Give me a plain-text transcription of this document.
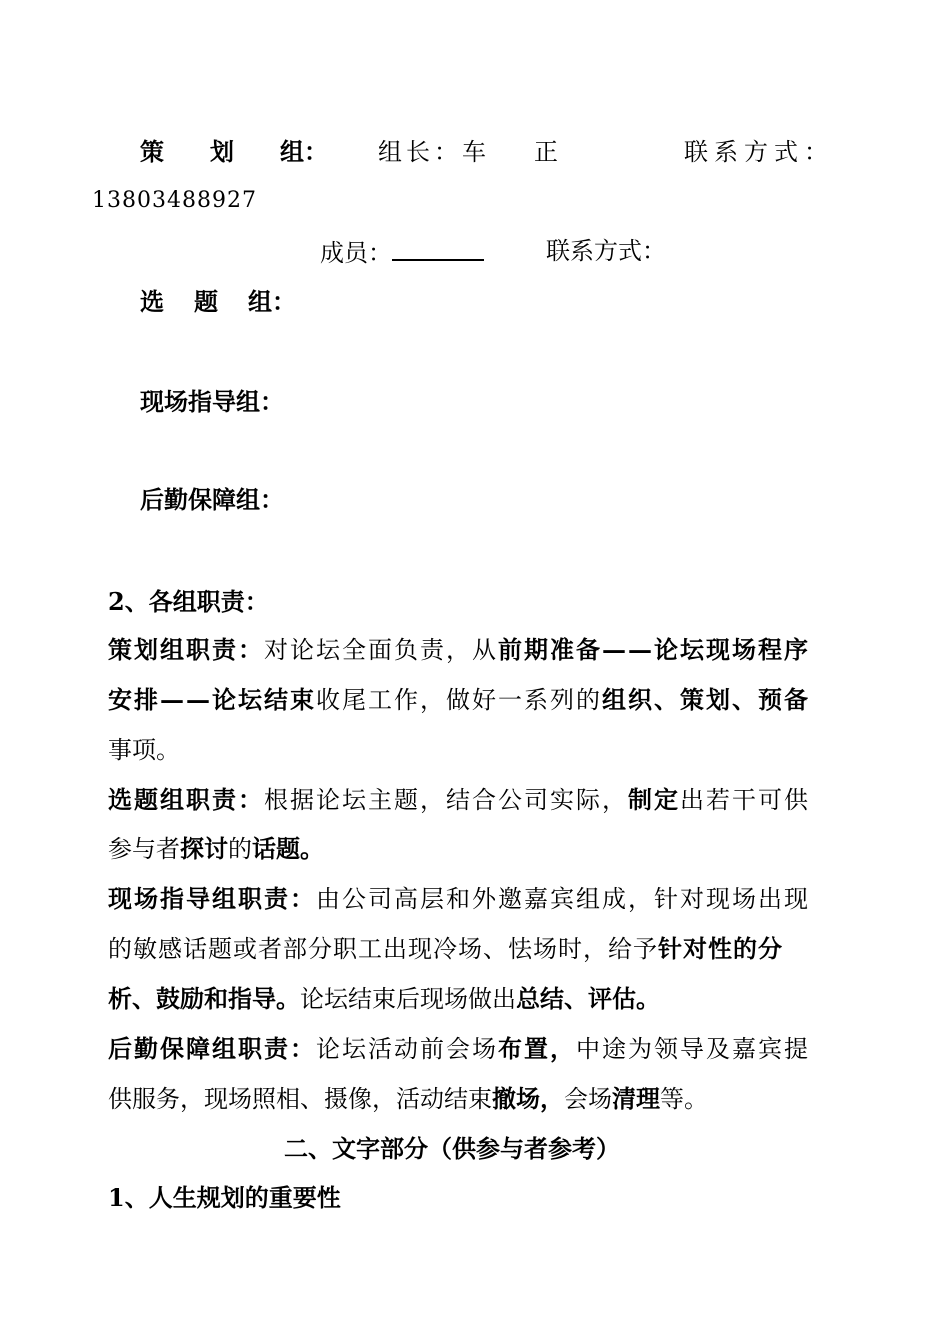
策 划 组： 组长：车 正	联系方式：
13803488927
成员：	联系方式：
选 题 组：
现场指导组：
后勤保障组：
2、各组职责：
策划组职责：对论坛全面负责，从前期准备——论坛现场程序
安排——论坛结束收尾工作，做好一系列的组织、策划、预备
事项。
选题组职责：根据论坛主题，结合公司实际，制定出若干可供
参与者探讨的话题。
现场指导组职责：由公司高层和外邀嘉宾组成，针对现场出现
的敏感话题或者部分职工出现冷场、怯场时，给予针对性的分
析、鼓励和指导。论坛结束后现场做出总结、评估。
后勤保障组职责：论坛活动前会场布置，中途为领导及嘉宾提
供服务，现场照相、摄像，活动结束撤场，会场清理等。
二、文字部分（供参与者参考）
1、人生规划的重要性
